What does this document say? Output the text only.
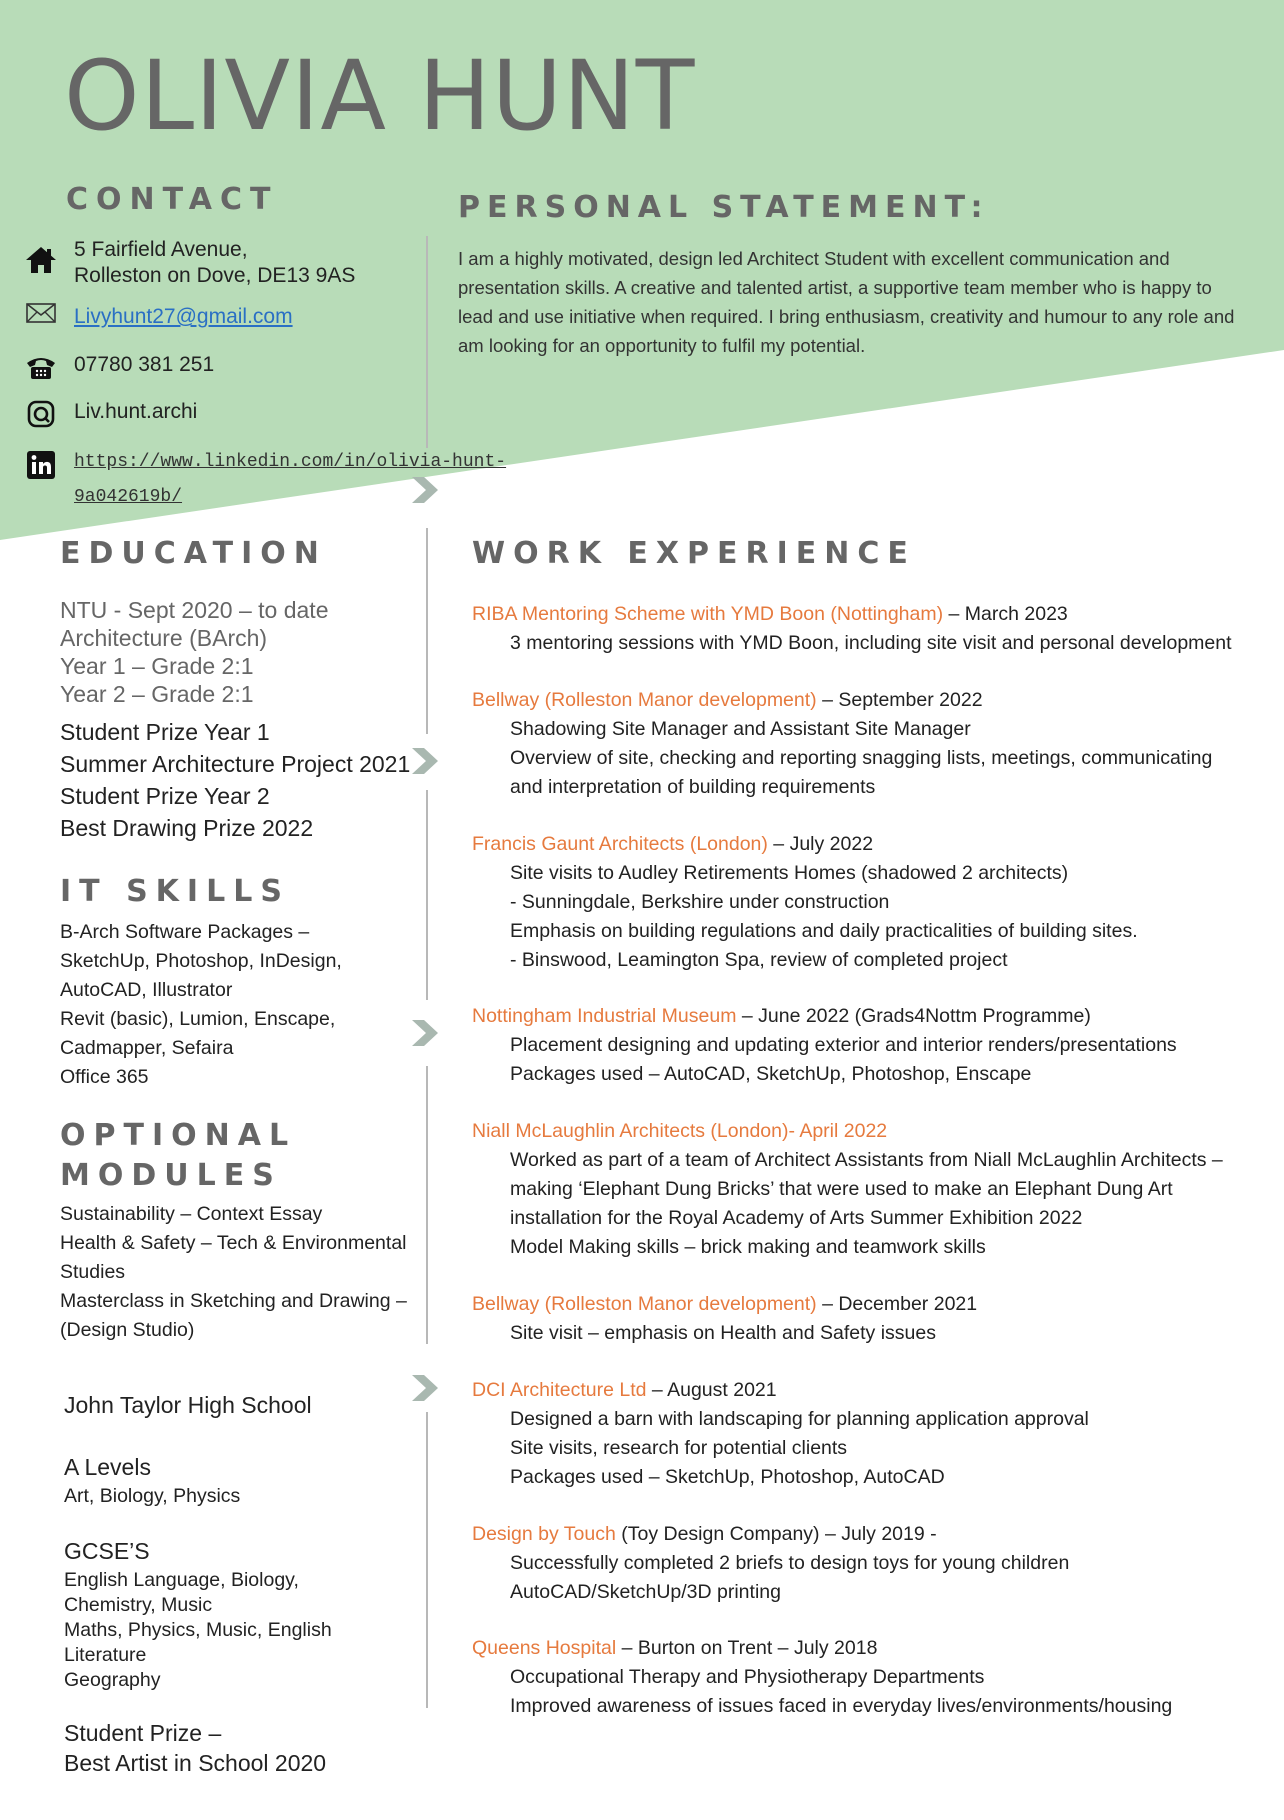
OLIVIA HUNT
CONTACT
5 Fairfield Avenue,
Rolleston on Dove, DE13 9AS
Livyhunt27@gmail.com
07780 381 251
Liv.hunt.archi
https://www.linkedin.com/in/olivia-hunt-
9a042619b/
PERSONAL STATEMENT:
I am a highly motivated, design led Architect Student with excellent communication and presentation skills. A creative and talented artist, a supportive team member who is happy to lead and use initiative when required. I bring enthusiasm, creativity and humour to any role and am looking for an opportunity to fulfil my potential.
EDUCATION
NTU - Sept 2020 – to date
Architecture (BArch)
Year 1 – Grade 2:1
Year 2 – Grade 2:1
Student Prize Year 1
Summer Architecture Project 2021
Student Prize Year 2
Best Drawing Prize 2022
IT SKILLS
B-Arch Software Packages –
SketchUp, Photoshop, InDesign,
AutoCAD, Illustrator
Revit (basic), Lumion, Enscape,
Cadmapper, Sefaira
Office 365
OPTIONAL
MODULES
Sustainability – Context Essay
Health & Safety – Tech & Environmental
Studies
Masterclass in Sketching and Drawing –
(Design Studio)
John Taylor High School
A Levels
Art, Biology, Physics
GCSE’S
English Language, Biology,
Chemistry, Music
Maths, Physics, Music, English
Literature
Geography
Student Prize –
Best Artist in School 2020
WORK EXPERIENCE
RIBA Mentoring Scheme with YMD Boon (Nottingham) – March 2023
3 mentoring sessions with YMD Boon, including site visit and personal development
Bellway (Rolleston Manor development) – September 2022
Shadowing Site Manager and Assistant Site Manager
Overview of site, checking and reporting snagging lists, meetings, communicating
and interpretation of building requirements
Francis Gaunt Architects (London) – July 2022
Site visits to Audley Retirements Homes (shadowed 2 architects)
- Sunningdale, Berkshire under construction
Emphasis on building regulations and daily practicalities of building sites.
- Binswood, Leamington Spa, review of completed project
Nottingham Industrial Museum – June 2022 (Grads4Nottm Programme)
Placement designing and updating exterior and interior renders/presentations
Packages used – AutoCAD, SketchUp, Photoshop, Enscape
Niall McLaughlin Architects (London)- April 2022
Worked as part of a team of Architect Assistants from Niall McLaughlin Architects –
making ‘Elephant Dung Bricks’ that were used to make an Elephant Dung Art
installation for the Royal Academy of Arts Summer Exhibition 2022
Model Making skills – brick making and teamwork skills
Bellway (Rolleston Manor development) – December 2021
Site visit – emphasis on Health and Safety issues
DCI Architecture Ltd – August 2021
Designed a barn with landscaping for planning application approval
Site visits, research for potential clients
Packages used – SketchUp, Photoshop, AutoCAD
Design by Touch (Toy Design Company) – July 2019 -
Successfully completed 2 briefs to design toys for young children
AutoCAD/SketchUp/3D printing
Queens Hospital – Burton on Trent – July 2018
Occupational Therapy and Physiotherapy Departments
Improved awareness of issues faced in everyday lives/environments/housing
